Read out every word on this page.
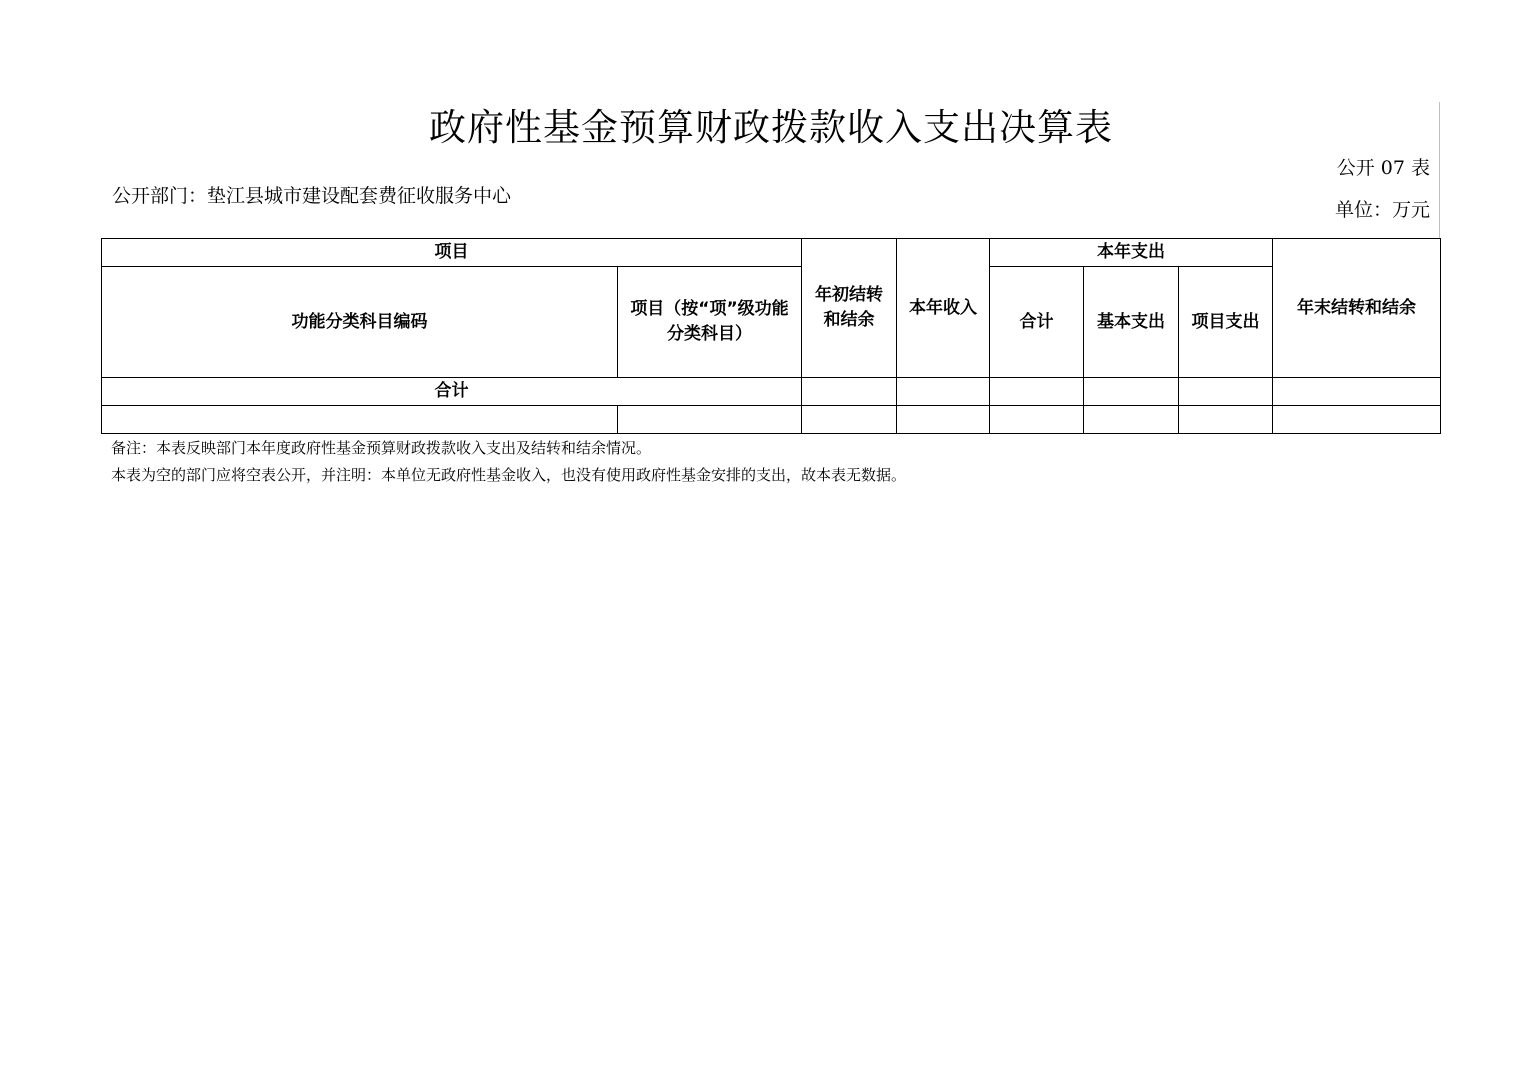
政府性基金预算财政拨款收入支出决算表
公开 07 表
公开部门：垫江县城市建设配套费征收服务中心
单位：万元
项目		年初结转和结余	本年收入	本年支出			年末结转和结余
功能分类科目编码	项目（按“项”级功能分类科目）			合计	基本支出	项目支出	
合计							

备注：本表反映部门本年度政府性基金预算财政拨款收入支出及结转和结余情况。
本表为空的部门应将空表公开，并注明：本单位无政府性基金收入，也没有使用政府性基金安排的支出，故本表无数据。
